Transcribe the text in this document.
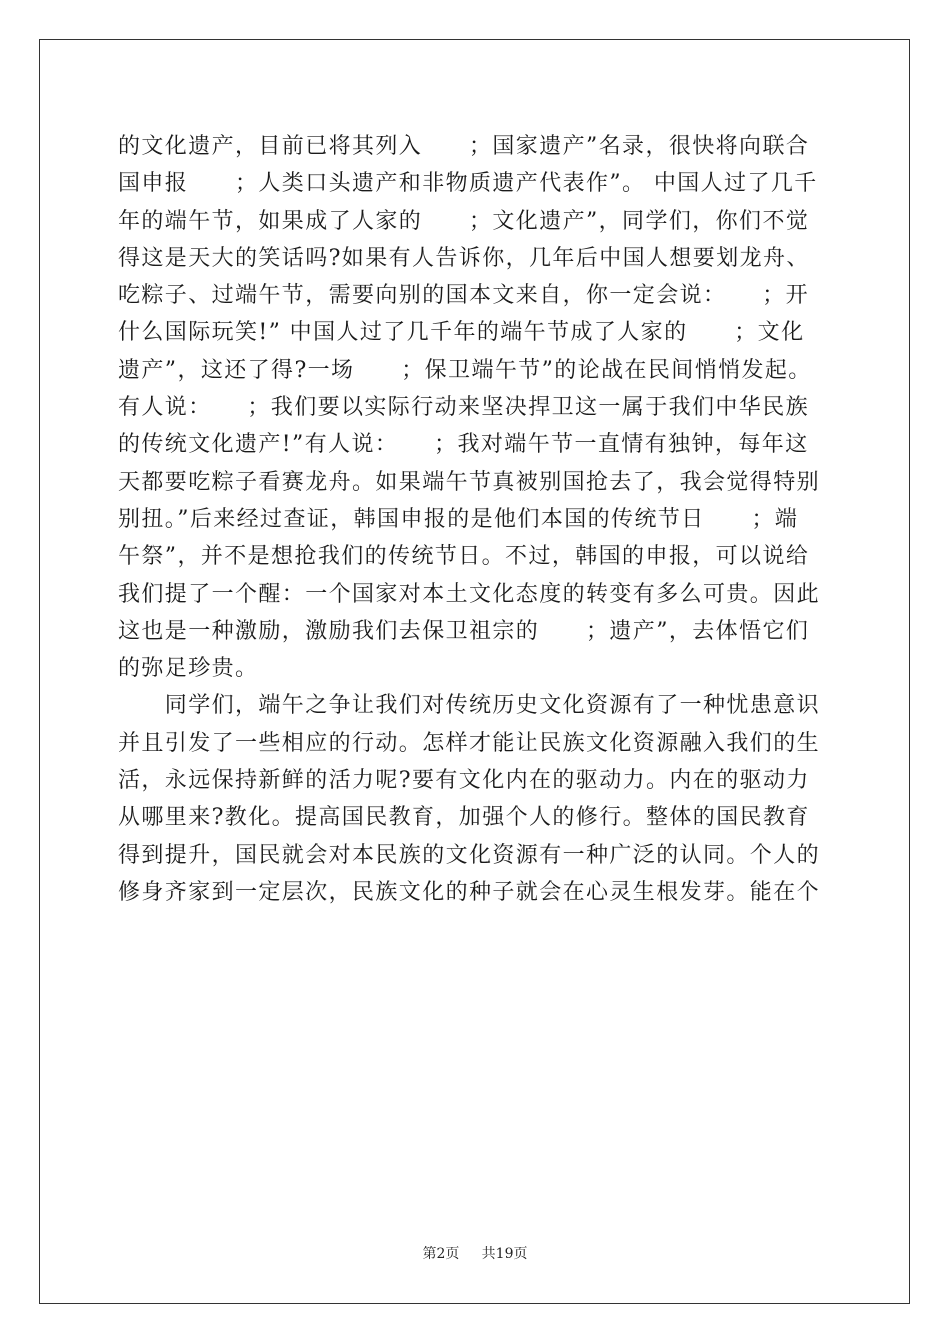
的文化遗产，目前已将其列入　　；国家遗产”名录，很快将向联合
国申报　　；人类口头遗产和非物质遗产代表作”。 中国人过了几千
年的端午节，如果成了人家的　　；文化遗产”，同学们，你们不觉
得这是天大的笑话吗?如果有人告诉你，几年后中国人想要划龙舟、
吃粽子、过端午节，需要向别的国本文来自，你一定会说：　　；开
什么国际玩笑!” 中国人过了几千年的端午节成了人家的　　；文化
遗产”，这还了得?一场　　；保卫端午节”的论战在民间悄悄发起。
有人说：　　；我们要以实际行动来坚决捍卫这一属于我们中华民族
的传统文化遗产!”有人说：　　；我对端午节一直情有独钟，每年这
天都要吃粽子看赛龙舟。如果端午节真被别国抢去了，我会觉得特别
别扭。”后来经过查证，韩国申报的是他们本国的传统节日　　；端
午祭”，并不是想抢我们的传统节日。不过，韩国的申报，可以说给
我们提了一个醒：一个国家对本土文化态度的转变有多么可贵。因此
这也是一种激励，激励我们去保卫祖宗的　　；遗产”，去体悟它们
的弥足珍贵。
　　同学们，端午之争让我们对传统历史文化资源有了一种忧患意识
并且引发了一些相应的行动。怎样才能让民族文化资源融入我们的生
活，永远保持新鲜的活力呢?要有文化内在的驱动力。内在的驱动力
从哪里来?教化。提高国民教育，加强个人的修行。整体的国民教育
得到提升，国民就会对本民族的文化资源有一种广泛的认同。个人的
修身齐家到一定层次，民族文化的种子就会在心灵生根发芽。能在个
第2页 共19页
